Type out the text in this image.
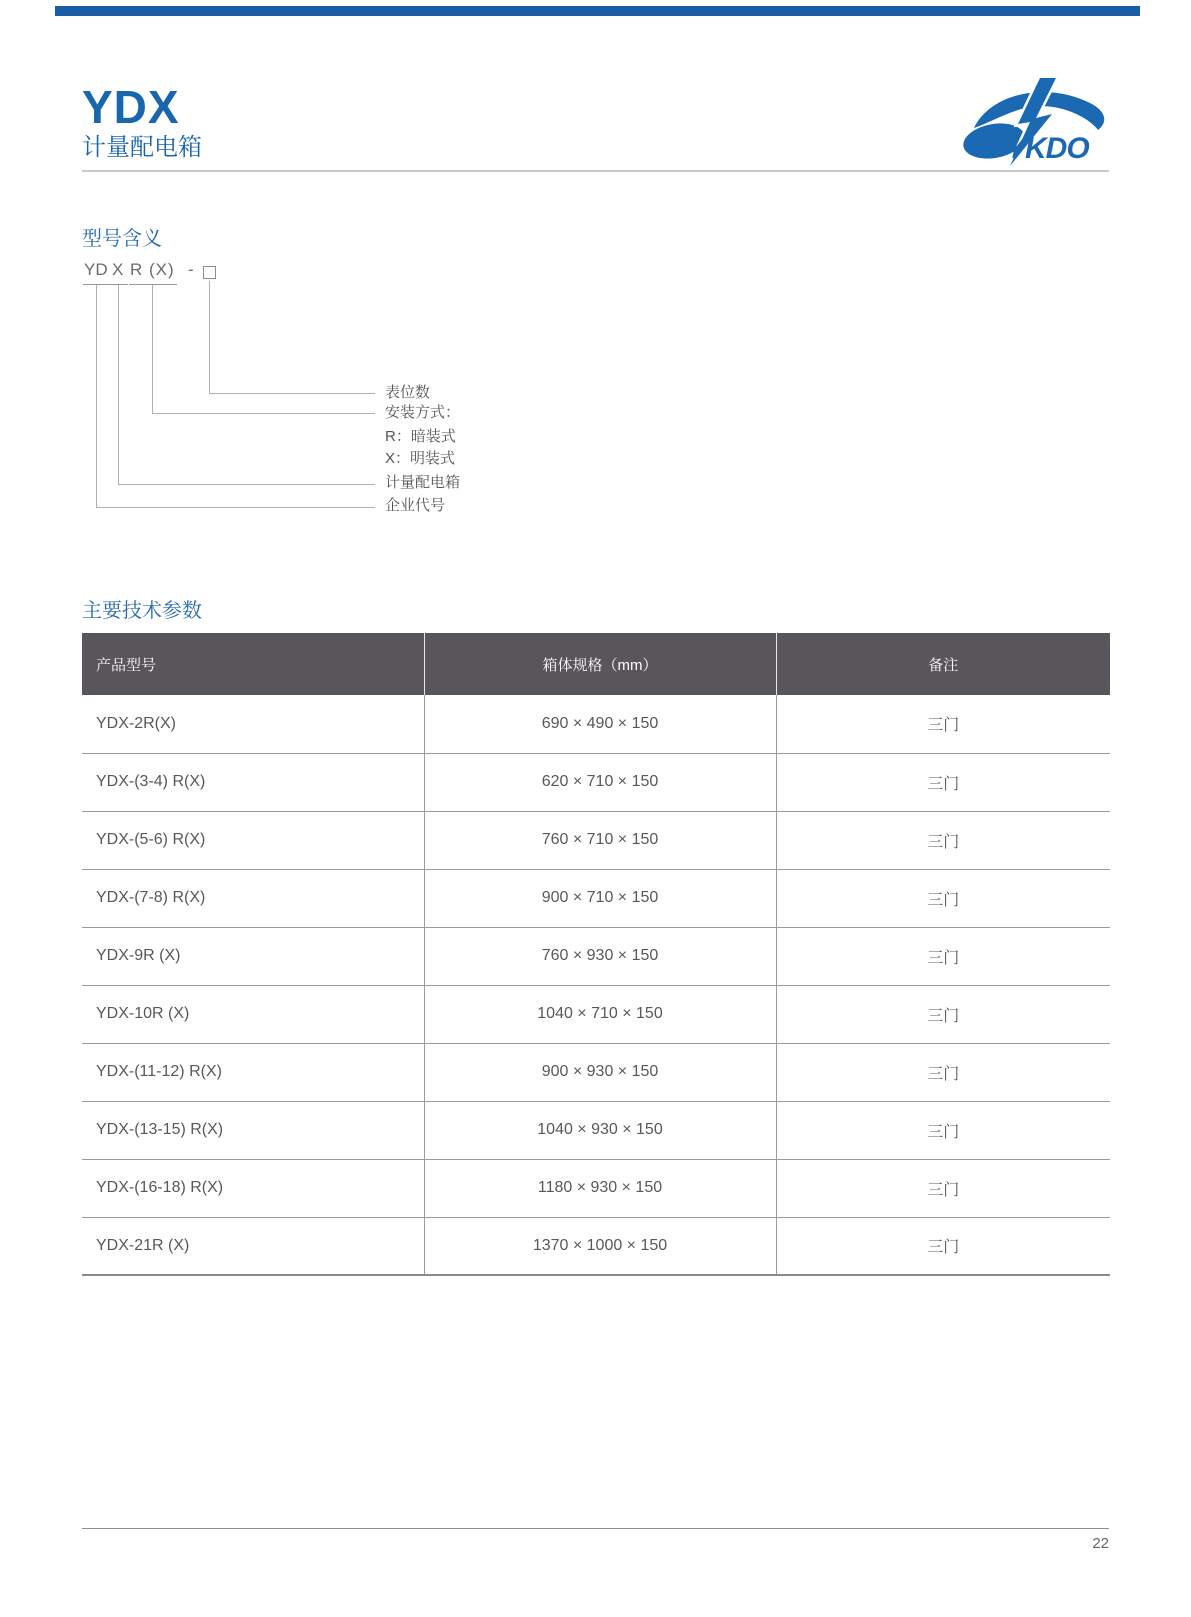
YDX
计量配电箱	YKDO
型号含义
YD X R (X) -
表位数
安装方式：
R：暗装式
X：明装式
计量配电箱
企业代号
主要技术参数
产品型号	箱体规格（mm）	备注
YDX-2R(X)	690 × 490 × 150	三门
YDX-(3-4) R(X)	620 × 710 × 150	三门
YDX-(5-6) R(X)	760 × 710 × 150	三门
YDX-(7-8) R(X)	900 × 710 × 150	三门
YDX-9R (X)	760 × 930 × 150	三门
YDX-10R (X)	1040 × 710 × 150	三门
YDX-(11-12) R(X)	900 × 930 × 150	三门
YDX-(13-15) R(X)	1040 × 930 × 150	三门
YDX-(16-18) R(X)	1180 × 930 × 150	三门
YDX-21R (X)	1370 × 1000 × 150	三门
22
